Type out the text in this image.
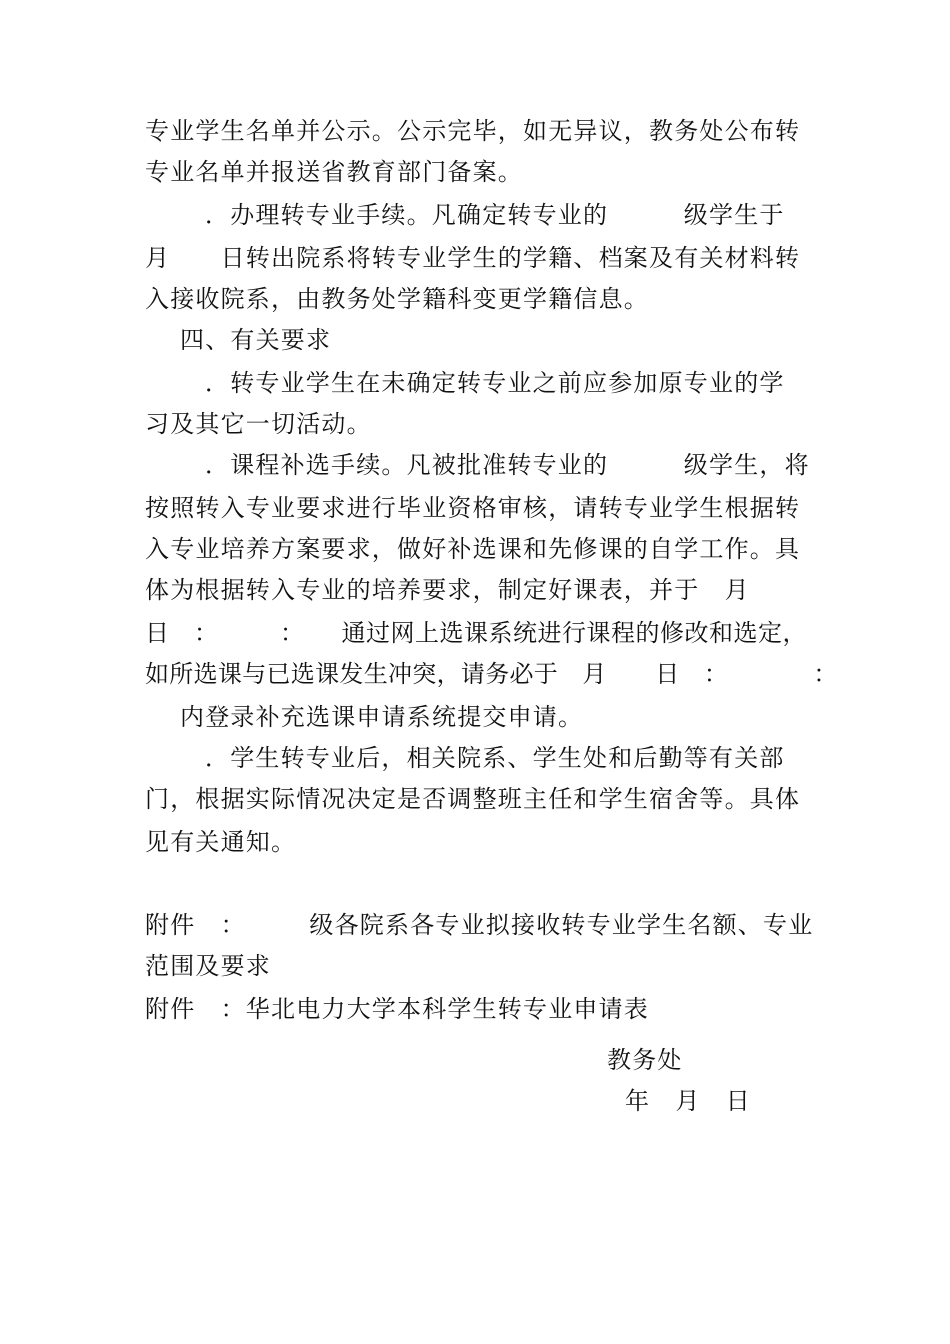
专业学生名单并公示。公示完毕，如无异议，教务处公布转
专业名单并报送省教育部门备案。
．办理转专业手续。凡确定转专业的　　　级学生于
月　　日转出院系将转专业学生的学籍、档案及有关材料转
入接收院系，由教务处学籍科变更学籍信息。
四、有关要求
．转专业学生在未确定转专业之前应参加原专业的学
习及其它一切活动。
．课程补选手续。凡被批准转专业的　　　级学生，将
按照转入专业要求进行毕业资格审核，请转专业学生根据转
入专业培养方案要求，做好补选课和先修课的自学工作。具
体为根据转入专业的培养要求，制定好课表，并于　月
日　：　　　：　　通过网上选课系统进行课程的修改和选定，
如所选课与已选课发生冲突，请务必于　月　　日　：　　　　：
内登录补充选课申请系统提交申请。
．学生转专业后，相关院系、学生处和后勤等有关部
门，根据实际情况决定是否调整班主任和学生宿舍等。具体
见有关通知。
附件　：　　　级各院系各专业拟接收转专业学生名额、专业
范围及要求
附件　：华北电力大学本科学生转专业申请表
教务处
年　月　日
